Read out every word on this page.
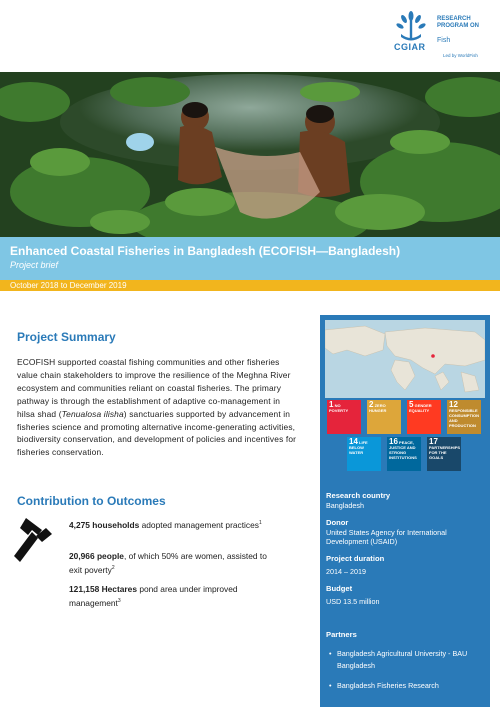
CGIAR
RESEARCH
PROGRAM ON
Fish
Led by WorldFish
Enhanced Coastal Fisheries in Bangladesh (ECOFISH—Bangladesh)
Project brief
October 2018 to December 2019
Project Summary

ECOFISH supported coastal fishing communities and other fisheries value chain stakeholders to improve the resilience of the Meghna River ecosystem and communities reliant on coastal fisheries. The primary pathway is through the establishment of adaptive co-management in hilsa shad (Tenualosa ilisha) sanctuaries supported by advancement in fisheries science and promoting alternative income-generating activities, biodiversity conservation, and development of policies and incentives for fisheries conservation.

Contribution to Outcomes
4,275 households adopted management practices$^1$
20,966 people, of which 50% are women, assisted to exit poverty$^2$
121,158 Hectares pond area under improved management$^3$
1 NO POVERTY
2 ZERO HUNGER
5 GENDER EQUALITY
12 RESPONSIBLE CONSUMPTION AND PRODUCTION
14 LIFE BELOW WATER
16 PEACE, JUSTICE AND STRONG INSTITUTIONS
17 PARTNERSHIPS FOR THE GOALS
Research country
Bangladesh
Donor
United States Agency for International Development (USAID)
Project duration
2014 – 2019
Budget
USD 13.5 million
Partners
• Bangladesh Agricultural University - BAU Bangladesh
• Bangladesh Fisheries Research
